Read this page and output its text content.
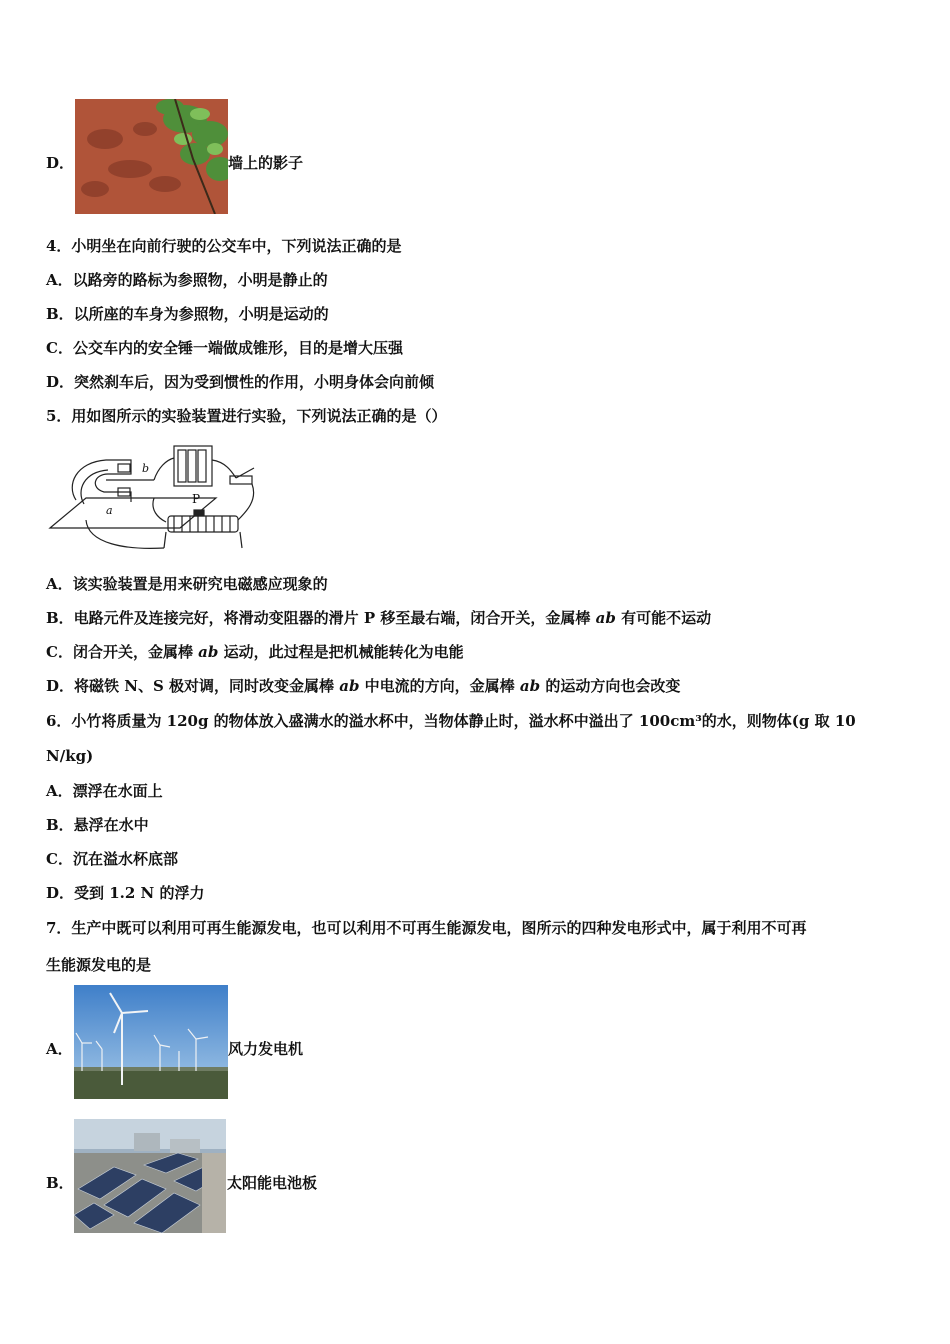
D．	墙上的影子
4．小明坐在向前行驶的公交车中，下列说法正确的是
A．以路旁的路标为参照物，小明是静止的
B．以所座的车身为参照物，小明是运动的
C．公交车内的安全锤一端做成锥形，目的是增大压强
D．突然刹车后，因为受到惯性的作用，小明身体会向前倾
5．用如图所示的实验装置进行实验，下列说法正确的是（）
b
a
P
A．该实验装置是用来研究电磁感应现象的
B．电路元件及连接完好，将滑动变阻器的滑片 P 移至最右端，闭合开关，金属棒 ab 有可能不运动
C．闭合开关，金属棒 ab 运动，此过程是把机械能转化为电能
D．将磁铁 N、S 极对调，同时改变金属棒 ab 中电流的方向，金属棒 ab 的运动方向也会改变
6．小竹将质量为 120g 的物体放入盛满水的溢水杯中，当物体静止时，溢水杯中溢出了 100cm³的水，则物体(g 取 10
N/kg)
A．漂浮在水面上
B．悬浮在水中
C．沉在溢水杯底部
D．受到 1.2 N 的浮力
7．生产中既可以利用可再生能源发电，也可以利用不可再生能源发电，图所示的四种发电形式中，属于利用不可再
生能源发电的是
A．	风力发电机
B．	太阳能电池板
